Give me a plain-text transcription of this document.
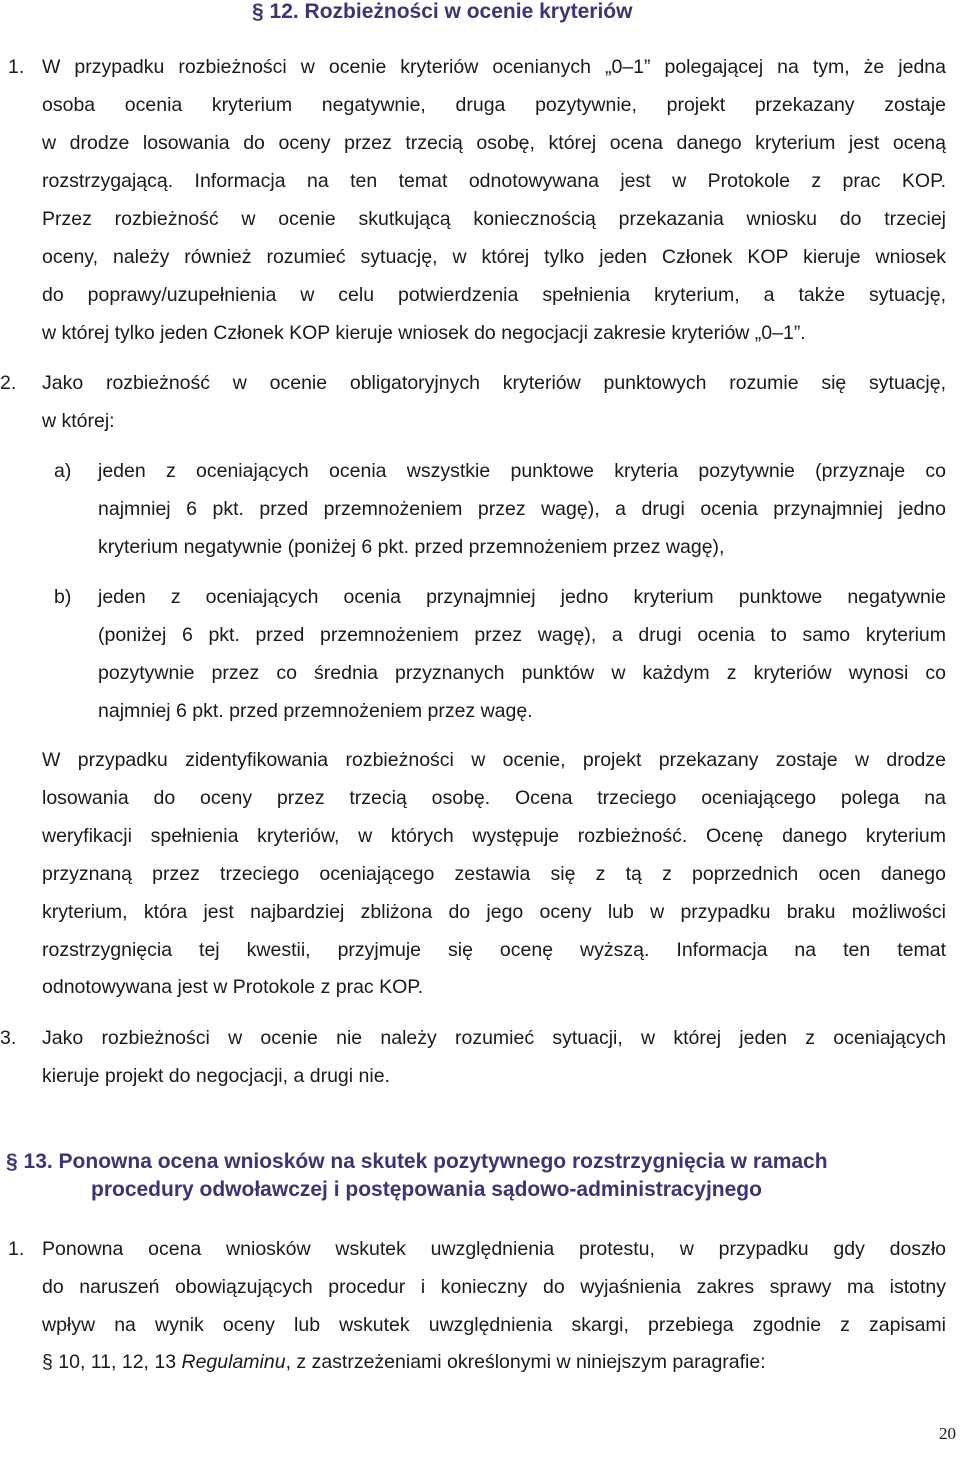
§ 12. Rozbieżności w ocenie kryteriów
1. W przypadku rozbieżności w ocenie kryteriów ocenianych „0–1” polegającej na tym, że jedna
osoba ocenia kryterium negatywnie, druga pozytywnie, projekt przekazany zostaje
w drodze losowania do oceny przez trzecią osobę, której ocena danego kryterium jest oceną
rozstrzygającą. Informacja na ten temat odnotowywana jest w Protokole z prac KOP.
Przez rozbieżność w ocenie skutkującą koniecznością przekazania wniosku do trzeciej
oceny, należy również rozumieć sytuację, w której tylko jeden Członek KOP kieruje wniosek
do poprawy/uzupełnienia w celu potwierdzenia spełnienia kryterium, a także sytuację,
w której tylko jeden Członek KOP kieruje wniosek do negocjacji zakresie kryteriów „0–1”.
2. Jako rozbieżność w ocenie obligatoryjnych kryteriów punktowych rozumie się sytuację,
w której:
a) jeden z oceniających ocenia wszystkie punktowe kryteria pozytywnie (przyznaje co
najmniej 6 pkt. przed przemnożeniem przez wagę), a drugi ocenia przynajmniej jedno
kryterium negatywnie (poniżej 6 pkt. przed przemnożeniem przez wagę),
b) jeden z oceniających ocenia przynajmniej jedno kryterium punktowe negatywnie
(poniżej 6 pkt. przed przemnożeniem przez wagę), a drugi ocenia to samo kryterium
pozytywnie przez co średnia przyznanych punktów w każdym z kryteriów wynosi co
najmniej 6 pkt. przed przemnożeniem przez wagę.
W przypadku zidentyfikowania rozbieżności w ocenie, projekt przekazany zostaje w drodze
losowania do oceny przez trzecią osobę. Ocena trzeciego oceniającego polega na
weryfikacji spełnienia kryteriów, w których występuje rozbieżność. Ocenę danego kryterium
przyznaną przez trzeciego oceniającego zestawia się z tą z poprzednich ocen danego
kryterium, która jest najbardziej zbliżona do jego oceny lub w przypadku braku możliwości
rozstrzygnięcia tej kwestii, przyjmuje się ocenę wyższą. Informacja na ten temat
odnotowywana jest w Protokole z prac KOP.
3. Jako rozbieżności w ocenie nie należy rozumieć sytuacji, w której jeden z oceniających
kieruje projekt do negocjacji, a drugi nie.
§ 13. Ponowna ocena wniosków na skutek pozytywnego rozstrzygnięcia w ramach
procedury odwoławczej i postępowania sądowo-administracyjnego
1. Ponowna ocena wniosków wskutek uwzględnienia protestu, w przypadku gdy doszło
do naruszeń obowiązujących procedur i konieczny do wyjaśnienia zakres sprawy ma istotny
wpływ na wynik oceny lub wskutek uwzględnienia skargi, przebiega zgodnie z zapisami
§ 10, 11, 12, 13 Regulaminu, z zastrzeżeniami określonymi w niniejszym paragrafie:
20
